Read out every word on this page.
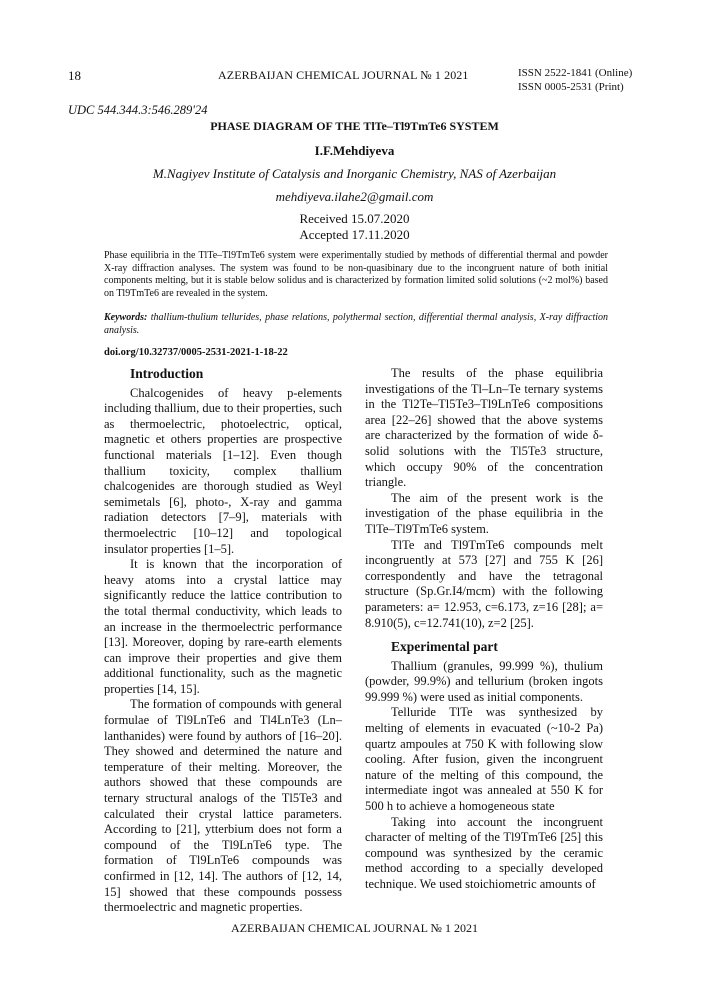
18	AZERBAIJAN CHEMICAL JOURNAL № 1 2021	ISSN 2522-1841 (Online)
ISSN 0005-2531 (Print)
UDC 544.344.3:546.289'24
PHASE DIAGRAM OF THE TlTe–Tl9TmTe6 SYSTEM
I.F.Mehdiyeva
M.Nagiyev Institute of Catalysis and Inorganic Chemistry, NAS of Azerbaijan
mehdiyeva.ilahe2@gmail.com
Received 15.07.2020
Accepted 17.11.2020
Phase equilibria in the TlTe–Tl9TmTe6 system were experimentally studied by methods of differential thermal and powder X-ray diffraction analyses. The system was found to be non-quasibinary due to the incongruent nature of both initial components melting, but it is stable below solidus and is characterized by formation limited solid solutions (~2 mol%) based on Tl9TmTe6 are revealed in the system.
Keywords: thallium-thulium tellurides, phase relations, polythermal section, differential thermal analysis, X-ray diffraction analysis.
doi.org/10.32737/0005-2531-2021-1-18-22
Introduction

Chalcogenides of heavy p-elements including thallium, due to their properties, such as thermoelectric, photoelectric, optical, magnetic et others properties are prospective functional materials [1–12]. Even though thallium toxicity, complex thallium chalcogenides are thorough studied as Weyl semimetals [6], photo-, X-ray and gamma radiation detectors [7–9], materials with thermoelectric [10–12] and topological insulator properties [1–5].

It is known that the incorporation of heavy atoms into a crystal lattice may significantly reduce the lattice contribution to the total thermal conductivity, which leads to an increase in the thermoelectric performance [13]. Moreover, doping by rare-earth elements can improve their properties and give them additional functionality, such as the magnetic properties [14, 15].

The formation of compounds with general formulae of Tl9LnTe6 and Tl4LnTe3 (Ln–lanthanides) were found by authors of [16–20]. They showed and determined the nature and temperature of their melting. Moreover, the authors showed that these compounds are ternary structural analogs of the Tl5Te3 and calculated their crystal lattice parameters. According to [21], ytterbium does not form a compound of the Tl9LnTe6 type. The formation of Tl9LnTe6 compounds was confirmed in [12, 14]. The authors of [12, 14, 15] showed that these compounds possess thermoelectric and magnetic properties.

The results of the phase equilibria investigations of the Tl–Ln–Te ternary systems in the Tl2Te–Tl5Te3–Tl9LnTe6 compositions area [22–26] showed that the above systems are characterized by the formation of wide δ-solid solutions with the Tl5Te3 structure, which occupy 90% of the concentration triangle.

The aim of the present work is the investigation of the phase equilibria in the TlTe–Tl9TmTe6 system.

TlTe and Tl9TmTe6 compounds melt incongruently at 573 [27] and 755 K [26] correspondently and have the tetragonal structure (Sp.Gr.I4/mcm) with the following parameters: a= 12.953, c=6.173, z=16 [28]; a= 8.910(5), c=12.741(10), z=2 [25].

Experimental part

Thallium (granules, 99.999 %), thulium (powder, 99.9%) and tellurium (broken ingots 99.999 %) were used as initial components.

Telluride TlTe was synthesized by melting of elements in evacuated (~10-2 Pa) quartz ampoules at 750 K with following slow cooling. After fusion, given the incongruent nature of the melting of this compound, the intermediate ingot was annealed at 550 K for 500 h to achieve a homogeneous state

Taking into account the incongruent character of melting of the Tl9TmTe6 [25] this compound was synthesized by the ceramic method according to a specially developed technique. We used stoichiometric amounts of

AZERBAIJAN CHEMICAL JOURNAL № 1 2021
